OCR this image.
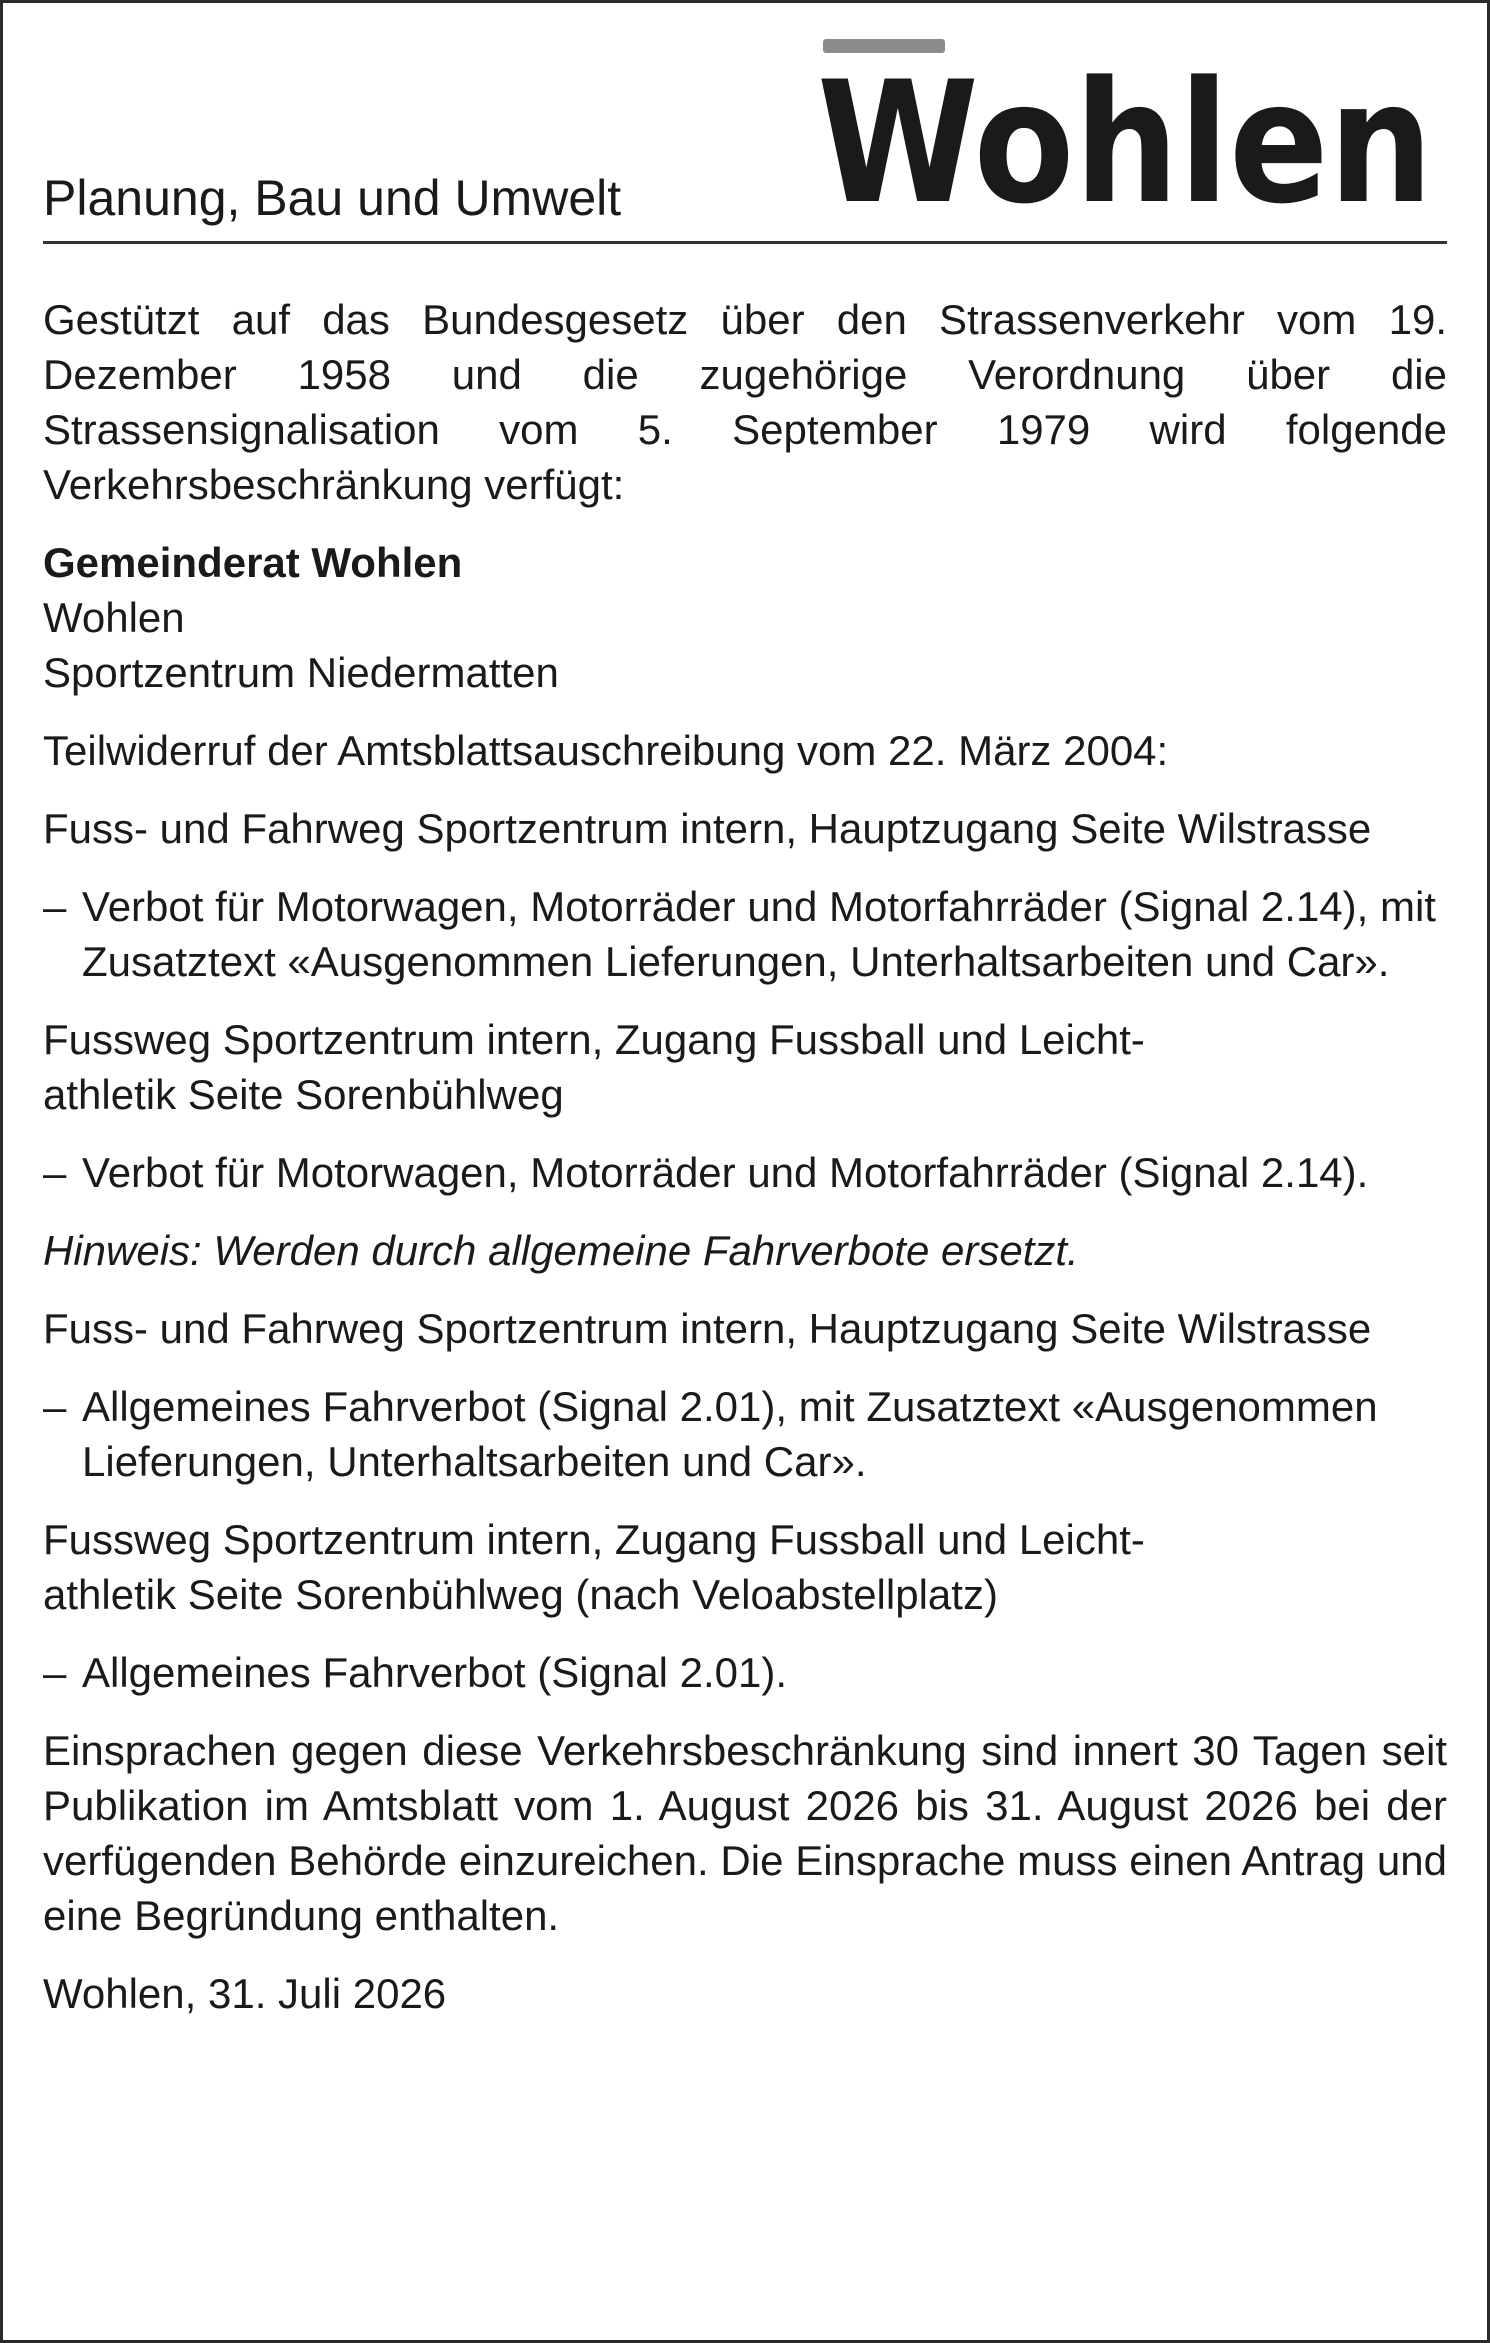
Planung, Bau und Umwelt Wohlen

Gestützt auf das Bundesgesetz über den Strassenverkehr vom 19. Dezember 1958 und die zugehörige Verordnung über die Strassensignalisation vom 5. September 1979 wird folgende Verkehrsbeschränkung verfügt:

Gemeinderat Wohlen
Wohlen
Sportzentrum Niedermatten

Teilwiderruf der Amtsblattsauschreibung vom 22. März 2004:

Fuss- und Fahrweg Sportzentrum intern, Hauptzugang Seite Wilstrasse

– Verbot für Motorwagen, Motorräder und Motorfahrräder (Signal 2.14), mit Zusatztext «Ausgenommen Lieferungen, Unterhaltsarbeiten und Car».

Fussweg Sportzentrum intern, Zugang Fussball und Leicht-
athletik Seite Sorenbühlweg

– Verbot für Motorwagen, Motorräder und Motorfahrräder (Signal 2.14).

Hinweis: Werden durch allgemeine Fahrverbote ersetzt.

Fuss- und Fahrweg Sportzentrum intern, Hauptzugang Seite Wilstrasse

– Allgemeines Fahrverbot (Signal 2.01), mit Zusatztext «Ausgenommen Lieferungen, Unterhaltsarbeiten und Car».

Fussweg Sportzentrum intern, Zugang Fussball und Leicht-
athletik Seite Sorenbühlweg (nach Veloabstellplatz)

– Allgemeines Fahrverbot (Signal 2.01).

Einsprachen gegen diese Verkehrsbeschränkung sind innert 30 Tagen seit Publikation im Amtsblatt vom 1. August 2026 bis 31. August 2026 bei der verfügenden Behörde einzureichen. Die Einsprache muss einen Antrag und eine Begründung enthalten.

Wohlen, 31. Juli 2026
